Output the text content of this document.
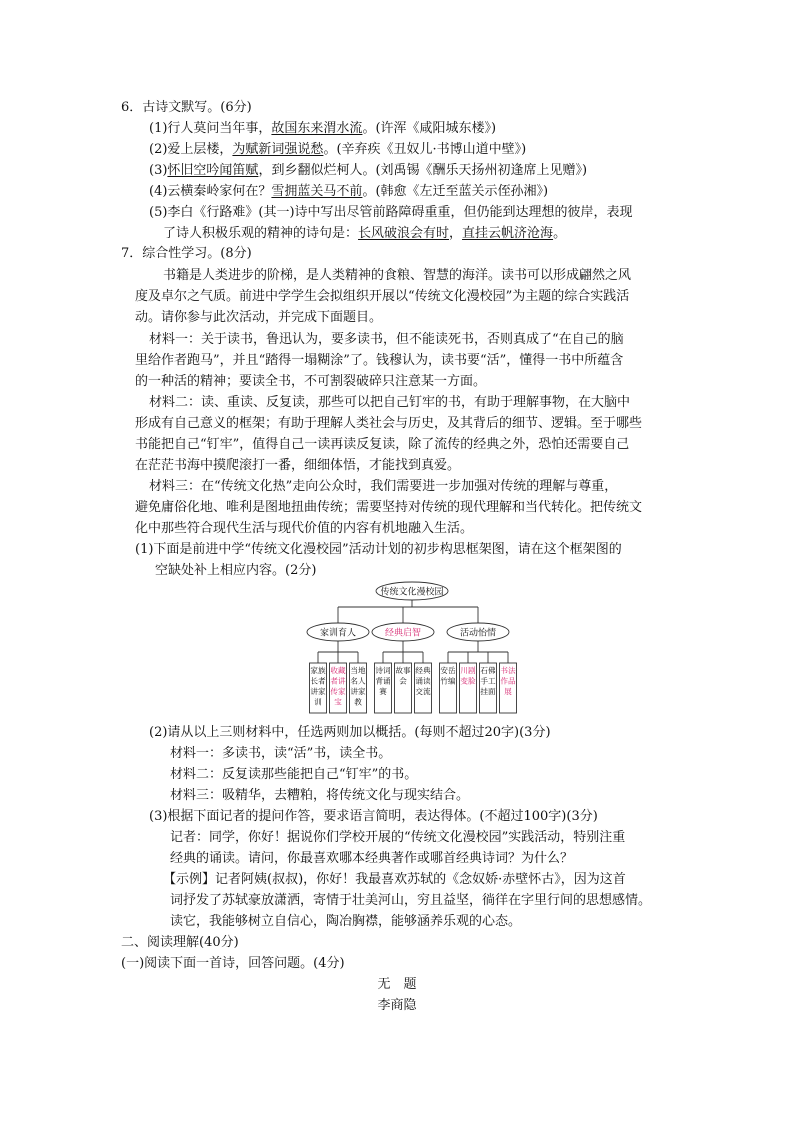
6．古诗文默写。(6分)
(1)行人莫问当年事，故国东来渭水流。(许浑《咸阳城东楼》)
(2)爱上层楼，为赋新词强说愁。(辛弃疾《丑奴儿·书博山道中壁》)
(3)怀旧空吟闻笛赋，到乡翻似烂柯人。(刘禹锡《酬乐天扬州初逢席上见赠》)
(4)云横秦岭家何在？雪拥蓝关马不前。(韩愈《左迁至蓝关示侄孙湘》)
(5)李白《行路难》(其一)诗中写出尽管前路障碍重重，但仍能到达理想的彼岸，表现
了诗人积极乐观的精神的诗句是：长风破浪会有时，直挂云帆济沧海。
7．综合性学习。(8分)
书籍是人类进步的阶梯，是人类精神的食粮、智慧的海洋。读书可以形成翩然之风
度及卓尔之气质。前进中学学生会拟组织开展以“传统文化漫校园”为主题的综合实践活
动。请你参与此次活动，并完成下面题目。
材料一：关于读书，鲁迅认为，要多读书，但不能读死书，否则真成了“在自己的脑
里给作者跑马”，并且“踏得一塌糊涂”了。钱穆认为，读书要“活”，懂得一书中所蕴含
的一种活的精神；要读全书，不可割裂破碎只注意某一方面。
材料二：读、重读、反复读，那些可以把自己钉牢的书，有助于理解事物，在大脑中
形成有自己意义的框架；有助于理解人类社会与历史，及其背后的细节、逻辑。至于哪些
书能把自己“钉牢”，值得自己一读再读反复读，除了流传的经典之外，恐怕还需要自己
在茫茫书海中摸爬滚打一番，细细体悟，才能找到真爱。
材料三：在“传统文化热”走向公众时，我们需要进一步加强对传统的理解与尊重，
避免庸俗化地、唯利是图地扭曲传统；需要坚持对传统的现代理解和当代转化。把传统文
化中那些符合现代生活与现代价值的内容有机地融入生活。
(1)下面是前进中学“传统文化漫校园”活动计划的初步构思框架图，请在这个框架图的
空缺处补上相应内容。(2分)
传统文化漫校园
家训育人	经典启智	活动怡情
家族长者讲家训
收藏者讲传家宝
当地名人讲家教
诗词背诵赛
故事会
经典诵读交流
安岳竹编
川剧变脸
石佛手工挂面
书法作品展
(2)请从以上三则材料中，任选两则加以概括。(每则不超过20字)(3分)
材料一：多读书，读“活”书，读全书。
材料二：反复读那些能把自己“钉牢”的书。
材料三：吸精华，去糟粕，将传统文化与现实结合。
(3)根据下面记者的提问作答，要求语言简明，表达得体。(不超过100字)(3分)
记者：同学，你好！据说你们学校开展的“传统文化漫校园”实践活动，特别注重
经典的诵读。请问，你最喜欢哪本经典著作或哪首经典诗词？为什么？
【示例】记者阿姨(叔叔)，你好！我最喜欢苏轼的《念奴娇·赤壁怀古》，因为这首
词抒发了苏轼豪放潇洒，寄情于壮美河山，穷且益坚，徜徉在字里行间的思想感情。
读它，我能够树立自信心，陶冶胸襟，能够涵养乐观的心态。
二、阅读理解(40分)
(一)阅读下面一首诗，回答问题。(4分)
无　题
李商隐
